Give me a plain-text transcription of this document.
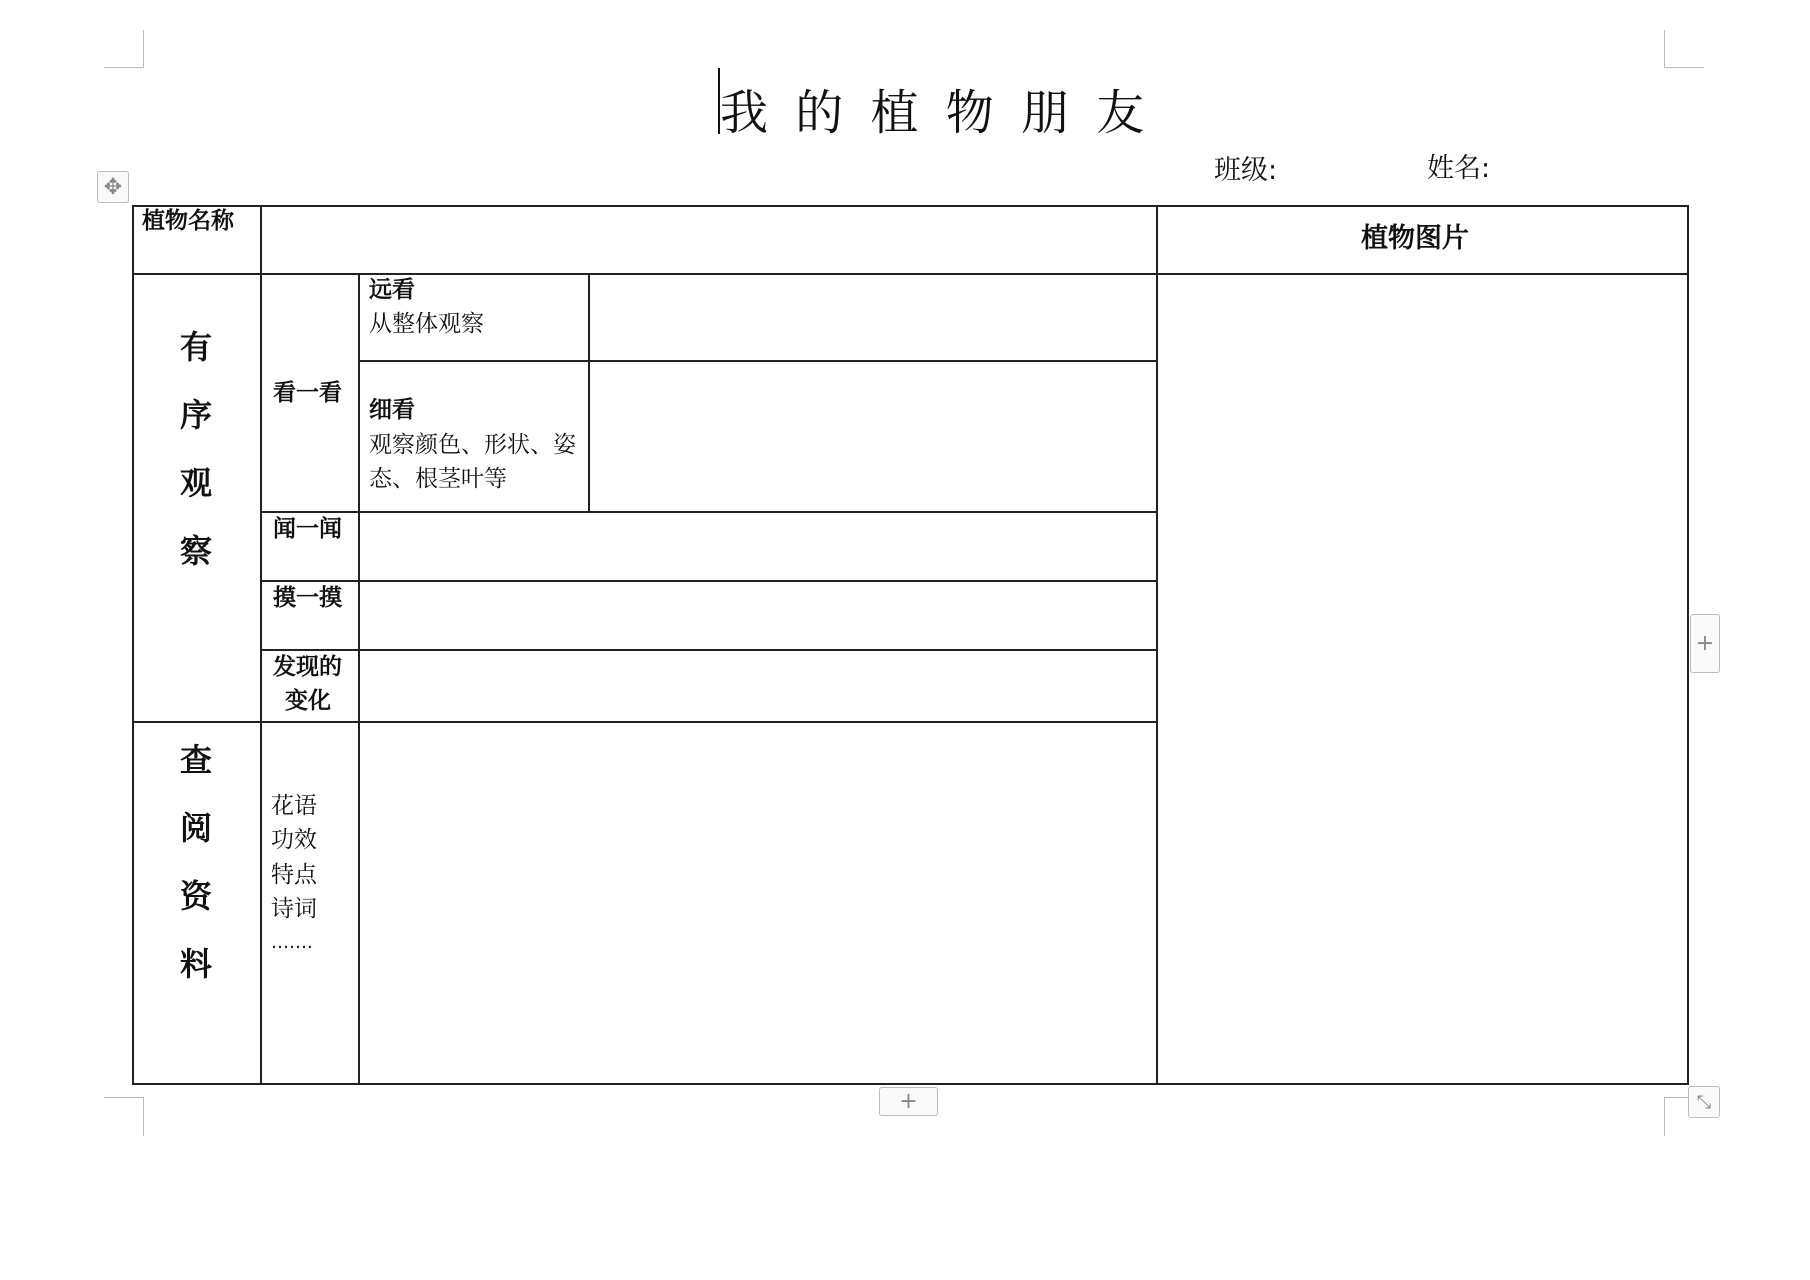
我 的 植 物 朋 友
班级:	姓名:
✥
植物名称
植物图片
有
序
观
察
看一看
远看
从整体观察
细看
观察颜色、形状、姿
态、根茎叶等
闻一闻
摸一摸
发现的
变化
查
阅
资
料
花语
功效
特点
诗词
…….
+
+	⤡
